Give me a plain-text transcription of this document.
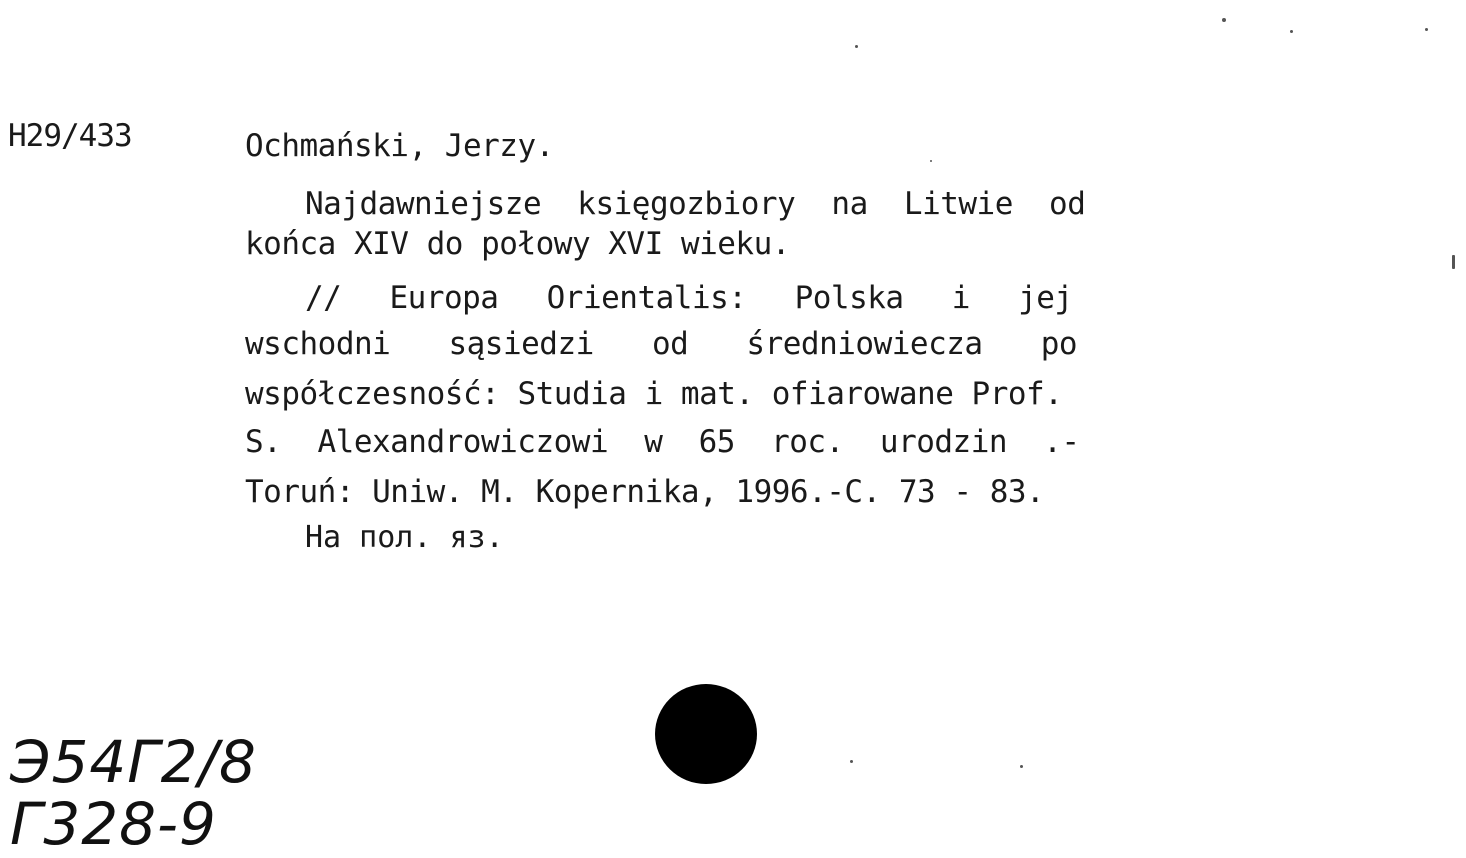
H29/433	Ochmański, Jerzy.
Najdawniejsze księgozbiory na Litwie od
końca XIV do połowy XVI wieku.
// Europa Orientalis: Polska i jej
wschodni sąsiedzi od średniowiecza po
współczesność: Studia i mat. ofiarowane Prof.
S. Alexandrowiczowi w 65 roc. urodzin .-
Toruń: Uniw. M. Kopernika, 1996.-C. 73 - 83.
На пол. яз.
Э54Г2/8
Г328-9
